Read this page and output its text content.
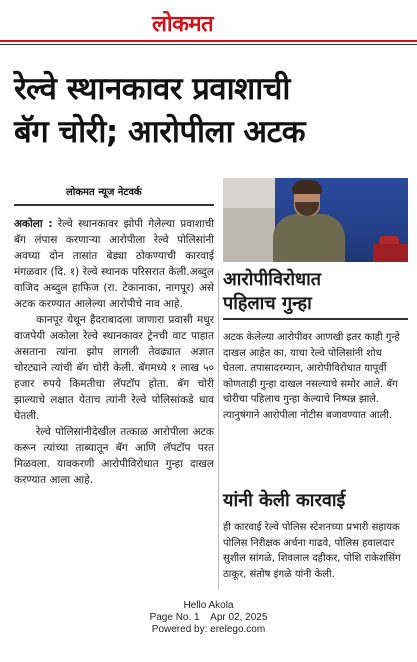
लोकमत
रेल्वे स्थानकावर प्रवाशाची
बॅग चोरी; आरोपीला अटक
लोकमत न्यूज नेटवर्क

अकोला : रेल्वे स्थानकावर झोपी गेलेल्या प्रवाशाची बॅग लंपास करणाऱ्या आरोपीला रेल्वे पोलिसांनी अवघ्या दोन तासांत बेड्या ठोकण्याची कारवाई मंगळवार (दि. १) रेल्वे स्थानक परिसरात केली.अब्दुल वाजिद अब्दुल हाफिज (रा. टेकानाका, नागपूर) असे अटक करण्यात आलेल्या आरोपीचे नाव आहे.

कानपूर येथून हैदराबादला जाणारा प्रवासी मधुर वाजपेयी अकोला रेल्वे स्थानकावर ट्रेनची वाट पाहात असताना त्यांना झोप लागली तेवढ्यात अज्ञात चोरट्याने त्यांची बॅग चोरी केली. बॅगमध्ये १ लाख ५० हजार रुपये किमतीचा लॅपटॉप होता. बॅग चोरी झाल्याचे लक्षात येताच त्यांनी रेल्वे पोलिसांकडे धाव घेतली.

रेल्वे पोलिसांनीदेखील तत्काळ आरोपीला अटक करून त्यांच्या ताब्यातून बॅग आणि लॅपटॉप परत मिळवला. यावकरणी आरोपीविरोधात गुन्हा दाखल करण्यात आला आहे.

आरोपीविरोधात
पहिलाच गुन्हा

अटक केलेल्या आरोपीवर आणखी इतर काही गुन्हे दाखल आहेत का, याचा रेल्वे पोलिसांनी शोध घेतला. तपासादरम्यान, आरोपीविरोधात यापूर्वी कोणताही गुन्हा दाखल नसल्याचे समोर आले. बॅग चोरीचा पहिलाच गुन्हा केल्याचे निष्पन्न झाले. त्यानुषंगाने आरोपीला नोटीस बजावण्यात आली.

यांनी केली कारवाई

ही कारवाई रेल्वे पोलिस स्टेशनच्या प्रभारी सहायक पोलिस निरीक्षक अर्चना गाढवे, पोलिस हवालदार सुशील सांगळे, शिवलाल दहीकर, पोशि राकेशसिंग ठाकूर, संतोष इंगळे यांनी केली.

Hello Akola
Page No. 1    Apr 02, 2025
Powered by: erelego.com
